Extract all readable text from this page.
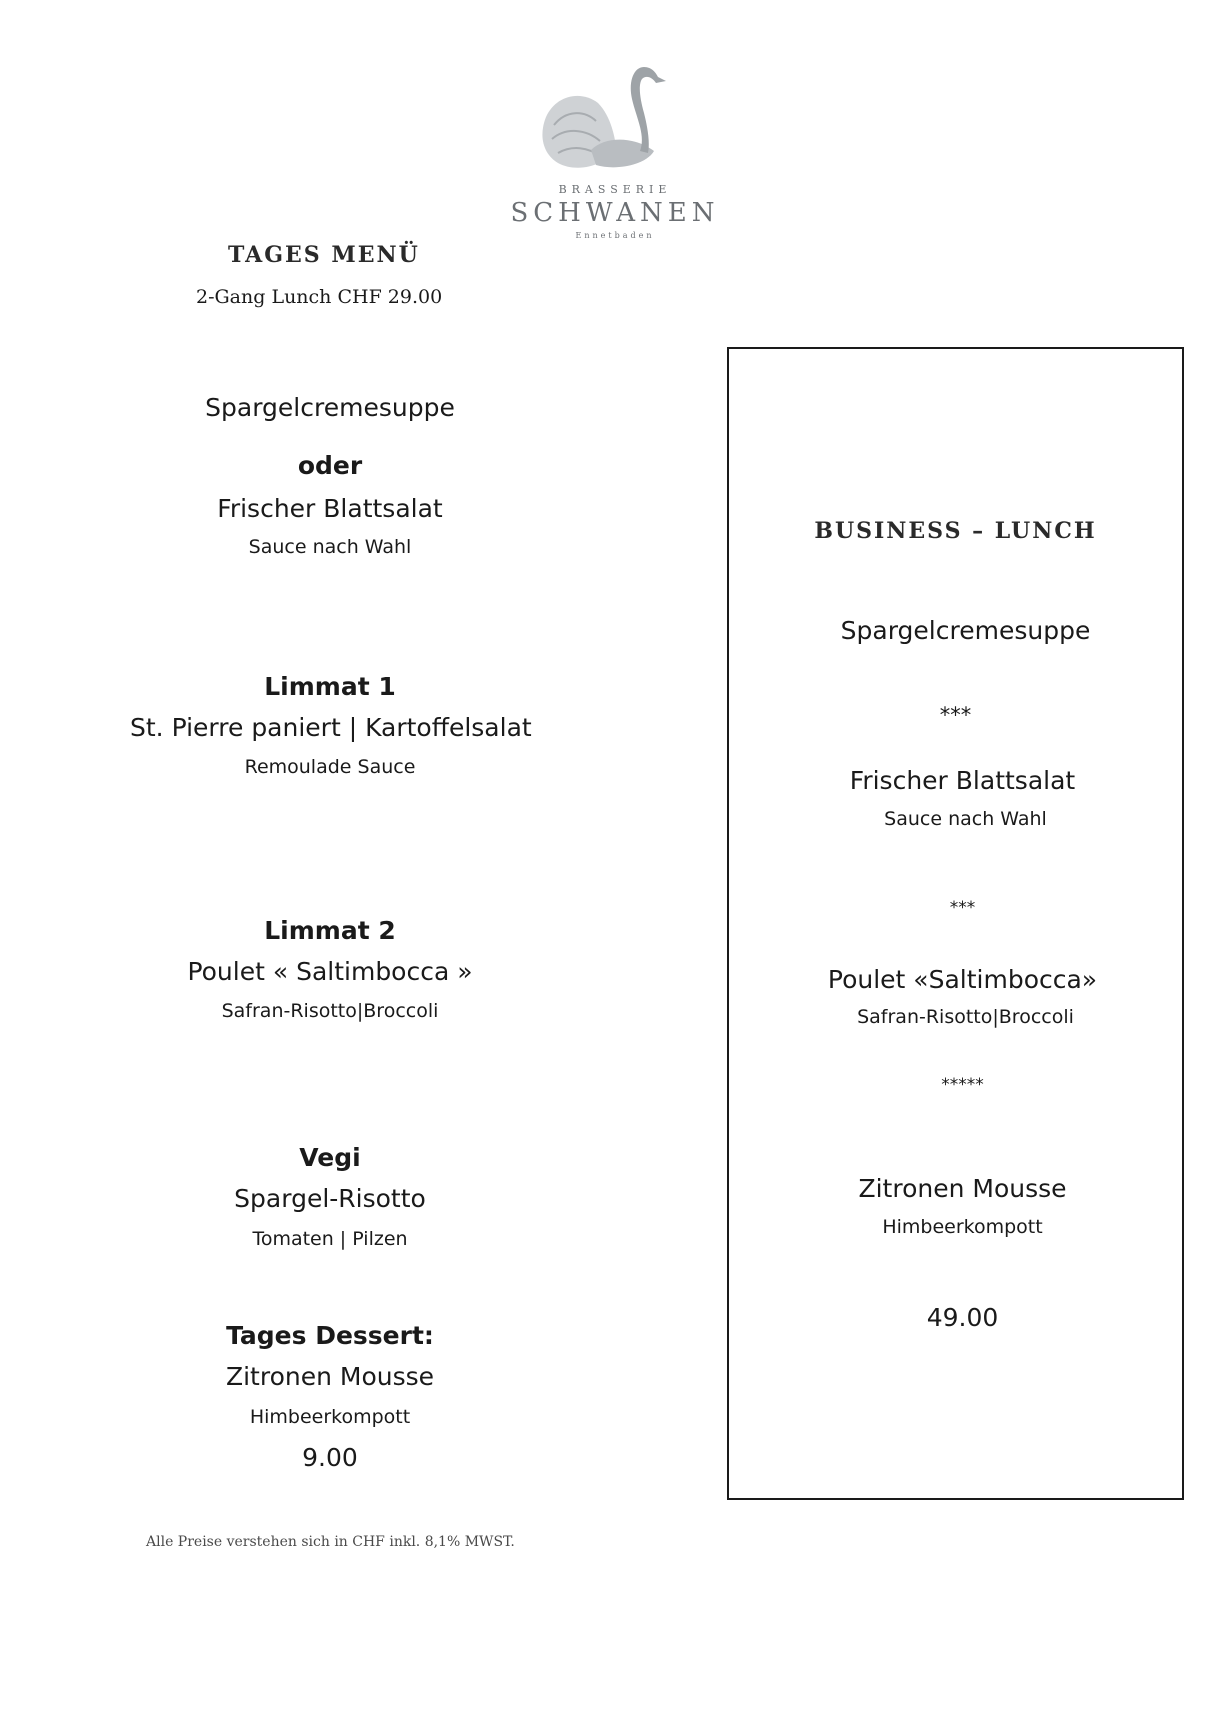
BRASSERIE
SCHWANEN
Ennetbaden
TAGES MENÜ
2-Gang Lunch CHF 29.00
Spargelcremesuppe
oder
Frischer Blattsalat
Sauce nach Wahl
Limmat 1
St. Pierre paniert | Kartoffelsalat
Remoulade Sauce
Limmat 2
Poulet « Saltimbocca »
Safran-Risotto|Broccoli
Vegi
Spargel-Risotto
Tomaten | Pilzen
Tages Dessert:
Zitronen Mousse
Himbeerkompott
9.00
BUSINESS – LUNCH
Spargelcremesuppe
***
Frischer Blattsalat
Sauce nach Wahl
***
Poulet «Saltimbocca»
Safran-Risotto|Broccoli
*****
Zitronen Mousse
Himbeerkompott
49.00
Alle Preise verstehen sich in CHF inkl. 8,1% MWST.
